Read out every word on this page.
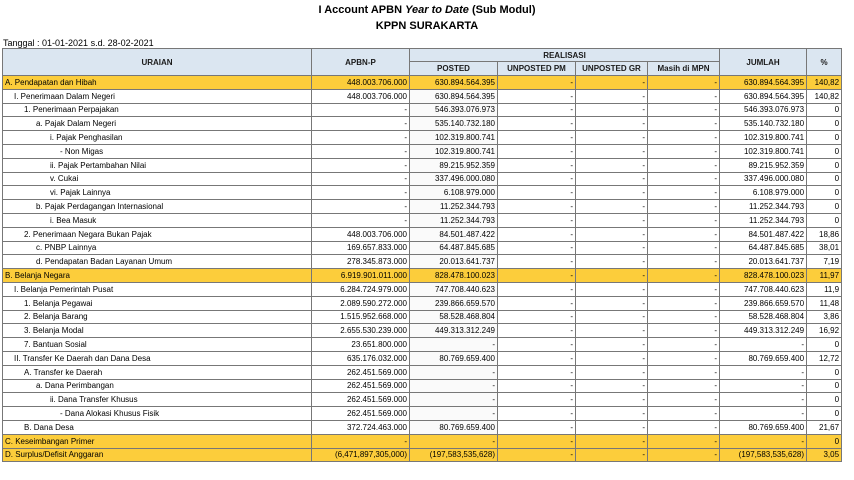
I Account APBN Year to Date (Sub Modul)
KPPN SURAKARTA
Tanggal : 01-01-2021 s.d. 28-02-2021
URAIAN	APBN-P	REALISASI				JUMLAH	%
		POSTED	UNPOSTED PM	UNPOSTED GR	Masih di MPN		
A. Pendapatan dan Hibah	448.003.706.000	630.894.564.395	-	-	-	630.894.564.395	140,82
I. Penerimaan Dalam Negeri	448.003.706.000	630.894.564.395	-	-	-	630.894.564.395	140,82
1. Penerimaan Perpajakan	-	546.393.076.973	-	-	-	546.393.076.973	0
a. Pajak Dalam Negeri	-	535.140.732.180	-	-	-	535.140.732.180	0
i. Pajak Penghasilan	-	102.319.800.741	-	-	-	102.319.800.741	0
- Non Migas	-	102.319.800.741	-	-	-	102.319.800.741	0
ii. Pajak Pertambahan Nilai	-	89.215.952.359	-	-	-	89.215.952.359	0
v. Cukai	-	337.496.000.080	-	-	-	337.496.000.080	0
vi. Pajak Lainnya	-	6.108.979.000	-	-	-	6.108.979.000	0
b. Pajak Perdagangan Internasional	-	11.252.344.793	-	-	-	11.252.344.793	0
i. Bea Masuk	-	11.252.344.793	-	-	-	11.252.344.793	0
2. Penerimaan Negara Bukan Pajak	448.003.706.000	84.501.487.422	-	-	-	84.501.487.422	18,86
c. PNBP Lainnya	169.657.833.000	64.487.845.685	-	-	-	64.487.845.685	38,01
d. Pendapatan Badan Layanan Umum	278.345.873.000	20.013.641.737	-	-	-	20.013.641.737	7,19
B. Belanja Negara	6.919.901.011.000	828.478.100.023	-	-	-	828.478.100.023	11,97
I. Belanja Pemerintah Pusat	6.284.724.979.000	747.708.440.623	-	-	-	747.708.440.623	11,9
1. Belanja Pegawai	2.089.590.272.000	239.866.659.570	-	-	-	239.866.659.570	11,48
2. Belanja Barang	1.515.952.668.000	58.528.468.804	-	-	-	58.528.468.804	3,86
3. Belanja Modal	2.655.530.239.000	449.313.312.249	-	-	-	449.313.312.249	16,92
7. Bantuan Sosial	23.651.800.000	-	-	-	-	-	0
II. Transfer Ke Daerah dan Dana Desa	635.176.032.000	80.769.659.400	-	-	-	80.769.659.400	12,72
A. Transfer ke Daerah	262.451.569.000	-	-	-	-	-	0
a. Dana Perimbangan	262.451.569.000	-	-	-	-	-	0
ii. Dana Transfer Khusus	262.451.569.000	-	-	-	-	-	0
- Dana Alokasi Khusus Fisik	262.451.569.000	-	-	-	-	-	0
B. Dana Desa	372.724.463.000	80.769.659.400	-	-	-	80.769.659.400	21,67
C. Keseimbangan Primer	-	-	-	-	-	-	0
D. Surplus/Defisit Anggaran	(6,471,897,305,000)	(197,583,535,628)	-	-	-	(197,583,535,628)	3,05
